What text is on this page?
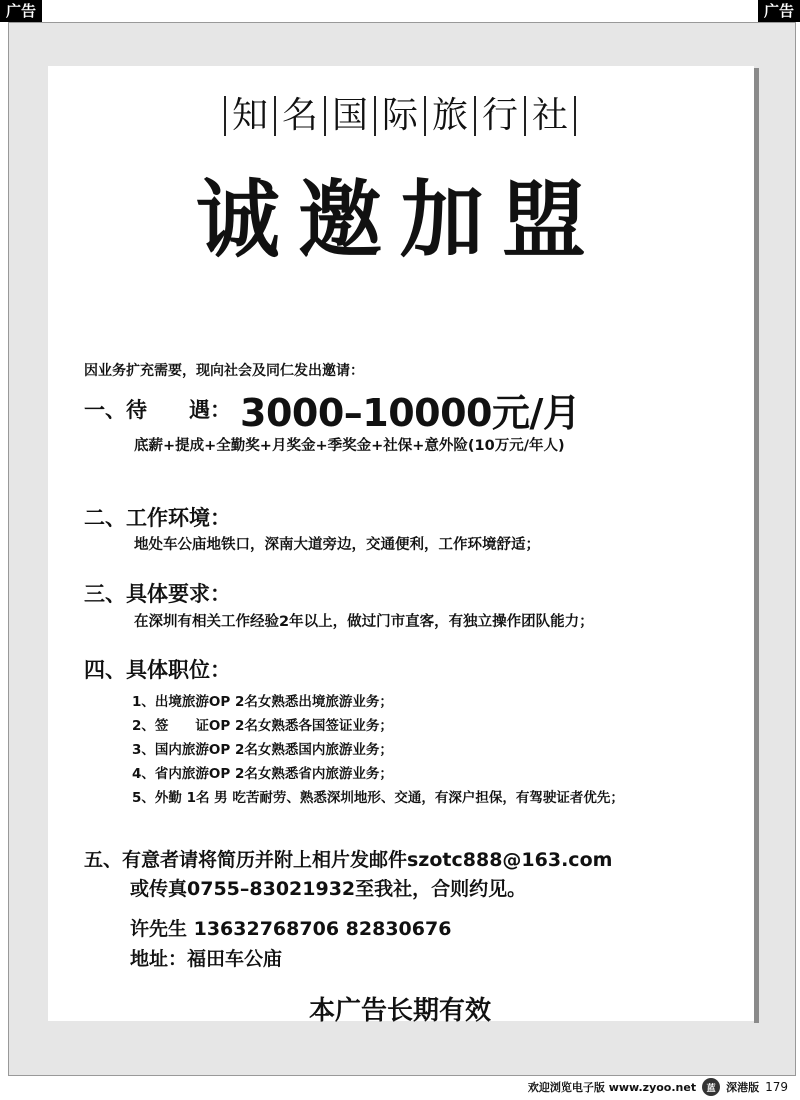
广告	广告
知 名 国 际 旅 行 社
诚邀加盟
因业务扩充需要，现向社会及同仁发出邀请：
一、待　　遇： 3000–10000元/月
底薪+提成+全勤奖+月奖金+季奖金+社保+意外险(10万元/年人)
二、工作环境：
地处车公庙地铁口，深南大道旁边，交通便利，工作环境舒适；
三、具体要求：
在深圳有相关工作经验2年以上，做过门市直客，有独立操作团队能力；
四、具体职位：
1、出境旅游OP 2名女熟悉出境旅游业务；
2、签　　证OP 2名女熟悉各国签证业务；
3、国内旅游OP 2名女熟悉国内旅游业务；
4、省内旅游OP 2名女熟悉省内旅游业务；
5、外勤 1名 男 吃苦耐劳、熟悉深圳地形、交通，有深户担保，有驾驶证者优先；
五、有意者请将简历并附上相片发邮件szotc888@163.com
或传真0755–83021932至我社，合则约见。
许先生 13632768706 82830676
地址：福田车公庙
本广告长期有效
欢迎浏览电子版 www.zyoo.net	蓝 深港版 179
